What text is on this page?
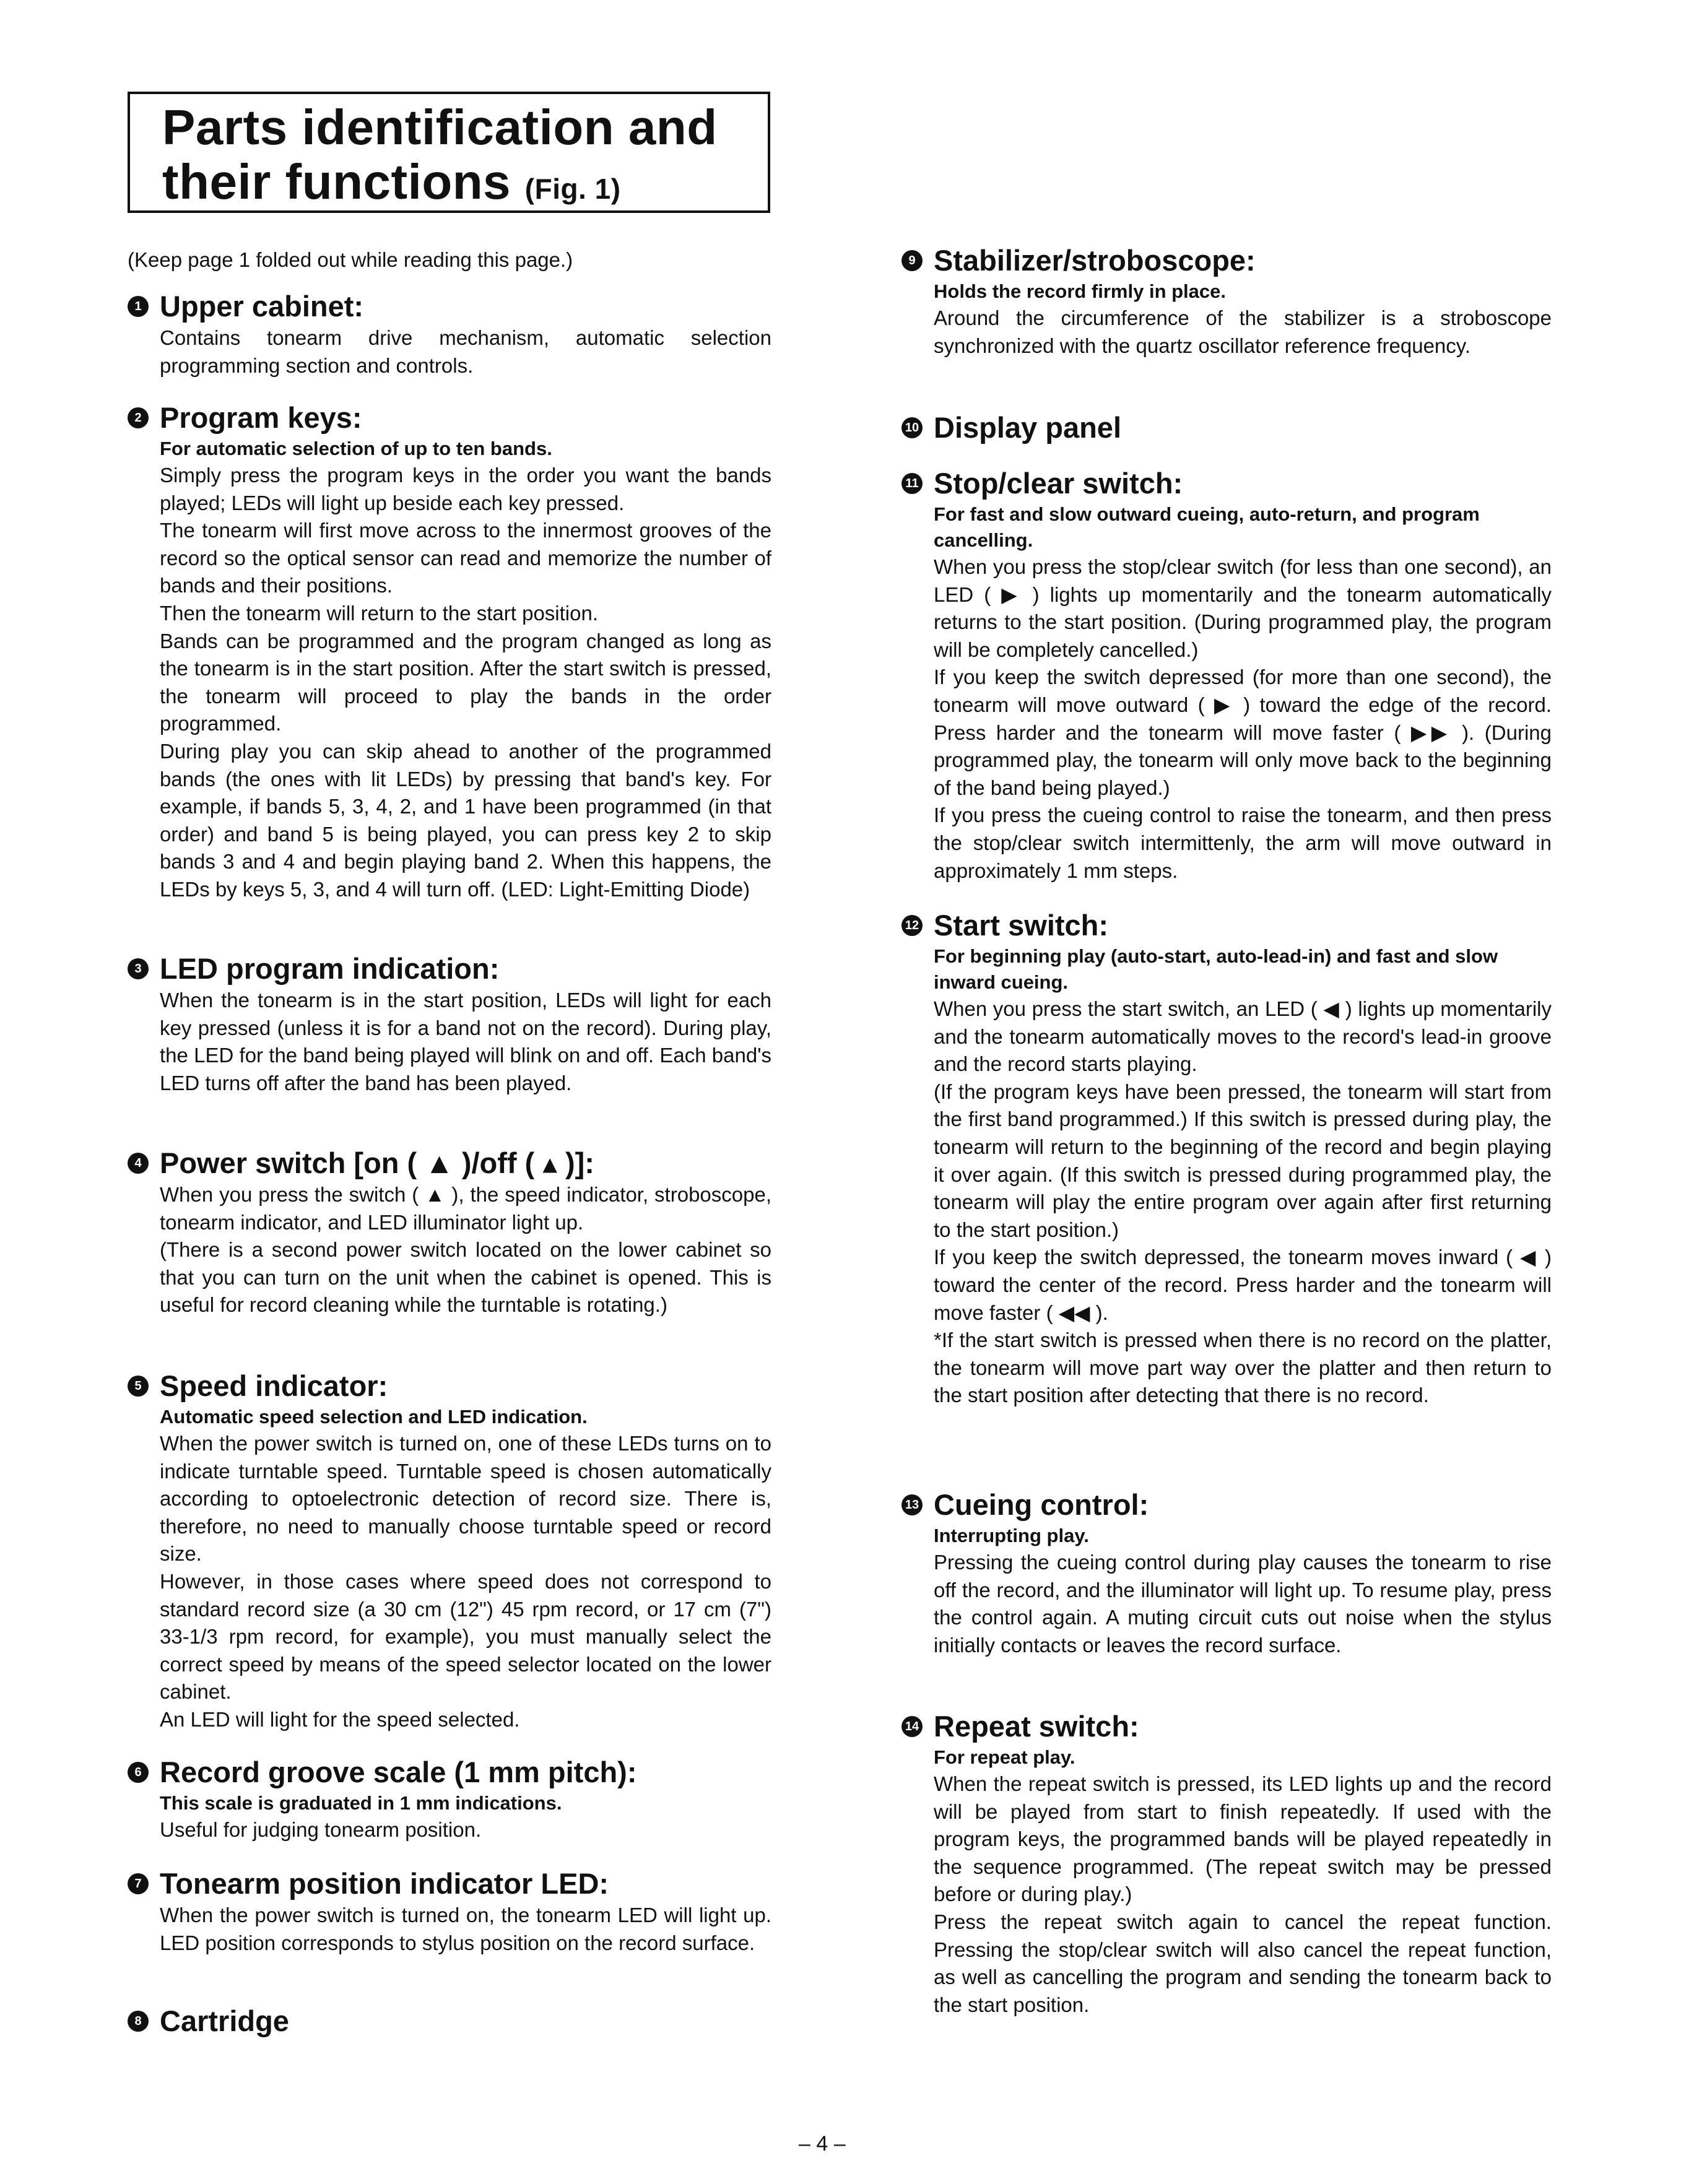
Parts identification and
their functions (Fig. 1)
(Keep page 1 folded out while reading this page.)
1 Upper cabinet:

Contains tonearm drive mechanism, automatic selection programming section and controls.

2 Program keys:
For automatic selection of up to ten bands.

Simply press the program keys in the order you want the bands played; LEDs will light up beside each key pressed.

The tonearm will first move across to the innermost grooves of the record so the optical sensor can read and memorize the number of bands and their positions.

Then the tonearm will return to the start position.

Bands can be programmed and the program changed as long as the tonearm is in the start position. After the start switch is pressed, the tonearm will proceed to play the bands in the order programmed.

During play you can skip ahead to another of the programmed bands (the ones with lit LEDs) by pressing that band's key. For example, if bands 5, 3, 4, 2, and 1 have been programmed (in that order) and band 5 is being played, you can press key 2 to skip bands 3 and 4 and begin playing band 2. When this happens, the LEDs by keys 5, 3, and 4 will turn off. (LED: Light-Emitting Diode)

3 LED program indication:

When the tonearm is in the start position, LEDs will light for each key pressed (unless it is for a band not on the record). During play, the LED for the band being played will blink on and off. Each band's LED turns off after the band has been played.

4 Power switch [on ( ▲ )/off ( ▴ )]:

When you press the switch ( ▲ ), the speed indicator, stroboscope, tonearm indicator, and LED illuminator light up.

(There is a second power switch located on the lower cabinet so that you can turn on the unit when the cabinet is opened. This is useful for record cleaning while the turntable is rotating.)

5 Speed indicator:
Automatic speed selection and LED indication.

When the power switch is turned on, one of these LEDs turns on to indicate turntable speed. Turntable speed is chosen automatically according to optoelectronic detection of record size. There is, therefore, no need to manually choose turntable speed or record size.

However, in those cases where speed does not correspond to standard record size (a 30 cm (12") 45 rpm record, or 17 cm (7") 33-1/3 rpm record, for example), you must manually select the correct speed by means of the speed selector located on the lower cabinet.

An LED will light for the speed selected.

6 Record groove scale (1 mm pitch):
This scale is graduated in 1 mm indications.

Useful for judging tonearm position.

7 Tonearm position indicator LED:

When the power switch is turned on, the tonearm LED will light up. LED position corresponds to stylus position on the record surface.

8 Cartridge
9 Stabilizer/stroboscope:
Holds the record firmly in place.

Around the circumference of the stabilizer is a stroboscope synchronized with the quartz oscillator reference frequency.

10 Display panel
11 Stop/clear switch:
For fast and slow outward cueing, auto-return, and program cancelling.

When you press the stop/clear switch (for less than one second), an LED ( ▶ ) lights up momentarily and the tonearm automatically returns to the start position. (During programmed play, the program will be completely cancelled.)

If you keep the switch depressed (for more than one second), the tonearm will move outward ( ▶ ) toward the edge of the record. Press harder and the tonearm will move faster ( ▶▶ ). (During programmed play, the tonearm will only move back to the beginning of the band being played.)

If you press the cueing control to raise the tonearm, and then press the stop/clear switch intermittenly, the arm will move outward in approximately 1 mm steps.

12 Start switch:
For beginning play (auto-start, auto-lead-in) and fast and slow inward cueing.

When you press the start switch, an LED ( ◀ ) lights up momentarily and the tonearm automatically moves to the record's lead-in groove and the record starts playing.

(If the program keys have been pressed, the tonearm will start from the first band programmed.) If this switch is pressed during play, the tonearm will return to the beginning of the record and begin playing it over again. (If this switch is pressed during programmed play, the tonearm will play the entire program over again after first returning to the start position.)

If you keep the switch depressed, the tonearm moves inward ( ◀ ) toward the center of the record. Press harder and the tonearm will move faster ( ◀◀ ).

*If the start switch is pressed when there is no record on the platter, the tonearm will move part way over the platter and then return to the start position after detecting that there is no record.

13 Cueing control:
Interrupting play.

Pressing the cueing control during play causes the tonearm to rise off the record, and the illuminator will light up. To resume play, press the control again. A muting circuit cuts out noise when the stylus initially contacts or leaves the record surface.

14 Repeat switch:
For repeat play.

When the repeat switch is pressed, its LED lights up and the record will be played from start to finish repeatedly. If used with the program keys, the programmed bands will be played repeatedly in the sequence programmed. (The repeat switch may be pressed before or during play.)

Press the repeat switch again to cancel the repeat function. Pressing the stop/clear switch will also cancel the repeat function, as well as cancelling the program and sending the tonearm back to the start position.

– 4 –
